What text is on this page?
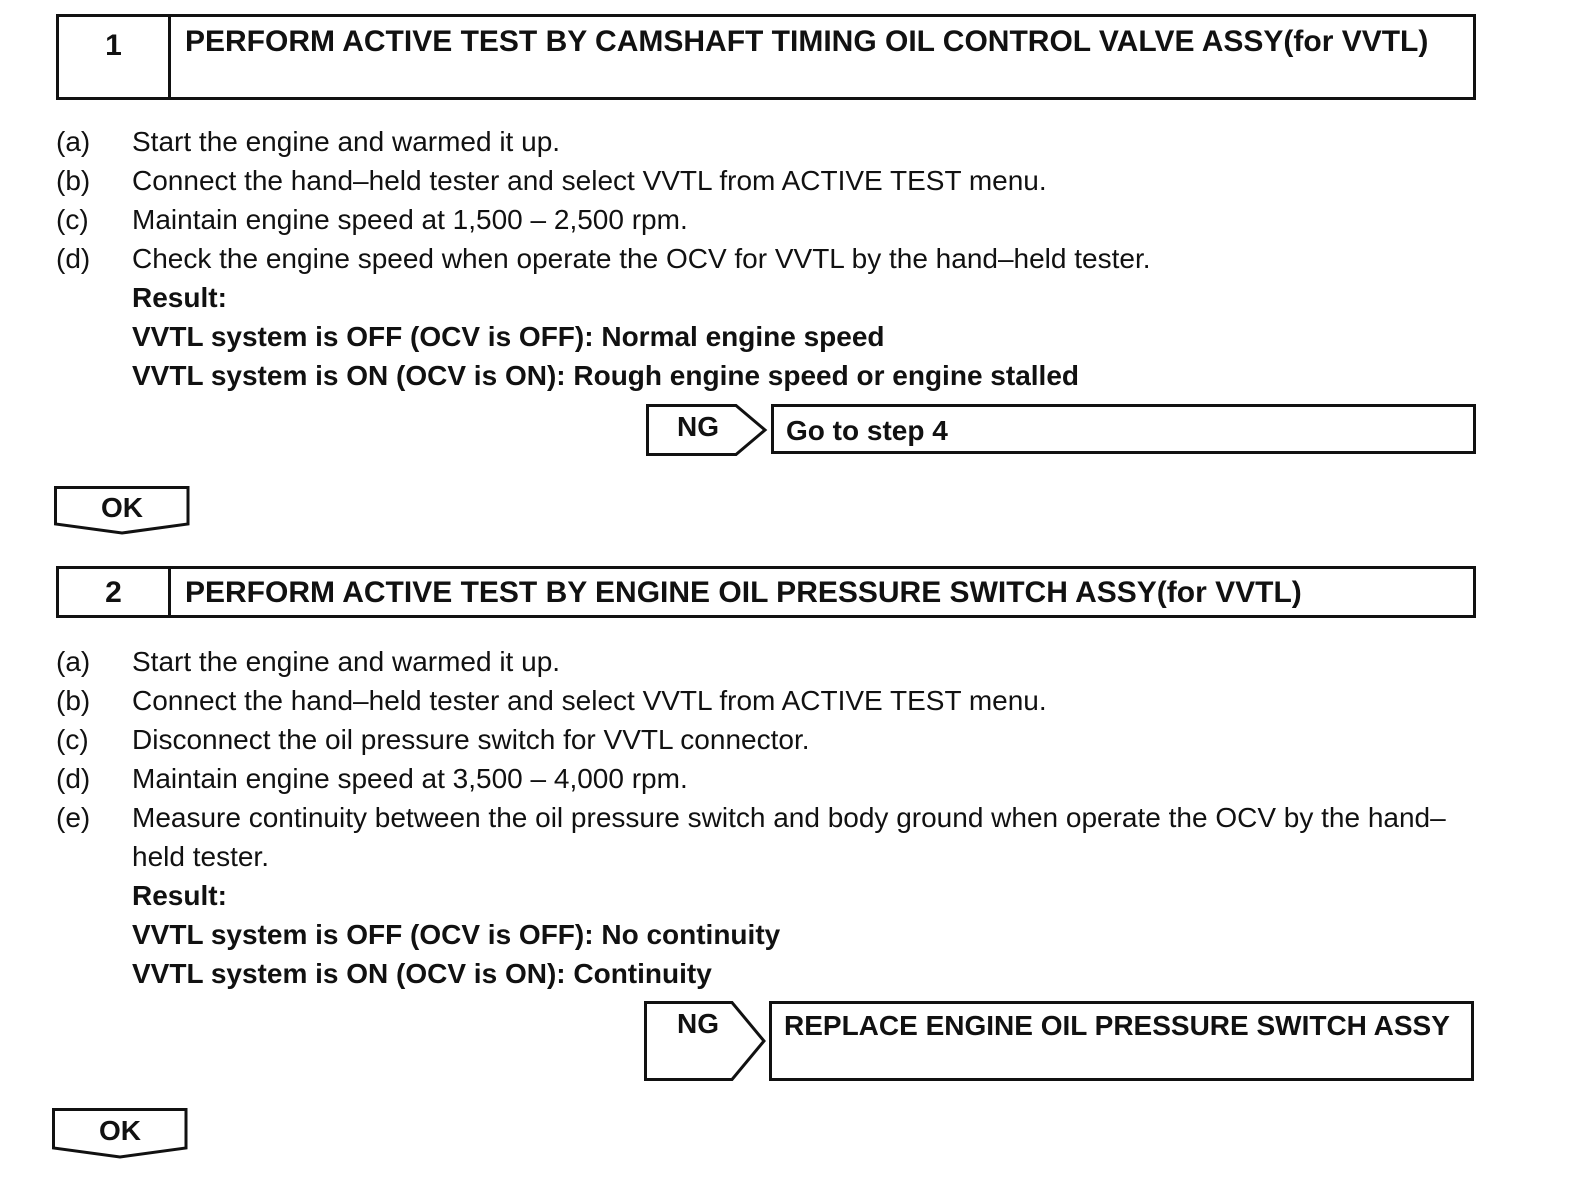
1	PERFORM ACTIVE TEST BY CAMSHAFT TIMING OIL CONTROL VALVE ASSY(for VVTL)
(a)	Start the engine and warmed it up.
(b)	Connect the hand–held tester and select VVTL from ACTIVE TEST menu.
(c)	Maintain engine speed at 1,500 – 2,500 rpm.
(d)	Check the engine speed when operate the OCV for VVTL by the hand–held tester.
Result:
VVTL system is OFF (OCV is OFF): Normal engine speed
VVTL system is ON (OCV is ON): Rough engine speed or engine stalled
NG	Go to step 4
OK
2	PERFORM ACTIVE TEST BY ENGINE OIL PRESSURE SWITCH ASSY(for VVTL)
(a)	Start the engine and warmed it up.
(b)	Connect the hand–held tester and select VVTL from ACTIVE TEST menu.
(c)	Disconnect the oil pressure switch for VVTL connector.
(d)	Maintain engine speed at 3,500 – 4,000 rpm.
(e)	Measure continuity between the oil pressure switch and body ground when operate the OCV by the hand–held tester.
Result:
VVTL system is OFF (OCV is OFF): No continuity
VVTL system is ON (OCV is ON): Continuity
NG	REPLACE ENGINE OIL PRESSURE SWITCH ASSY
OK
